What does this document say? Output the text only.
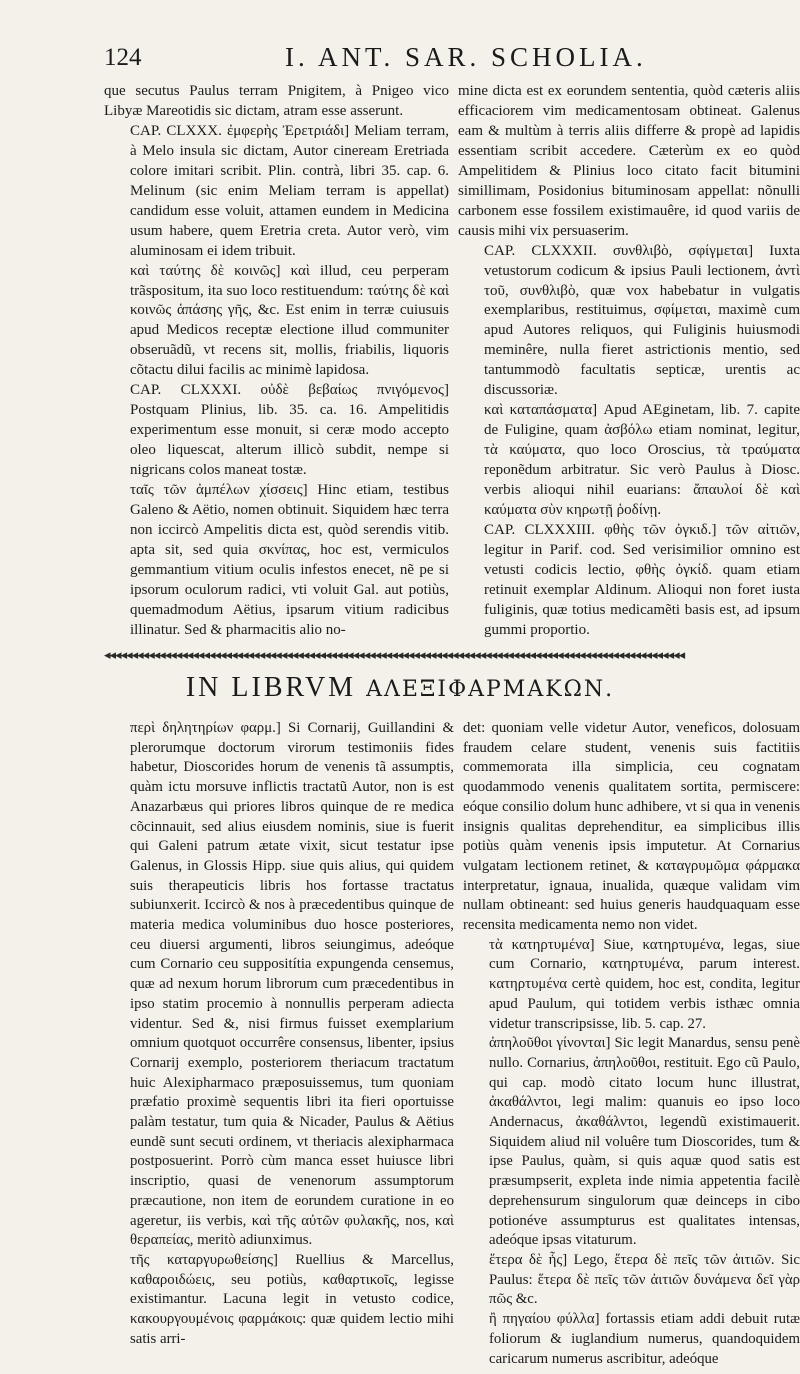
124	I. ANT. SAR. SCHOLIA.

que secutus Paulus terram Pnigitem, à Pnigeo vico Libyæ Mareotidis sic dictam, atram esse asserunt.

CAP. CLXXX. ἐμφερὴς Ἐρετριάδι] Meliam terram, à Melo insula sic dictam, Autor cineream Eretriada colore imitari scribit. Plin. contrà, libri 35. cap. 6. Melinum (sic enim Meliam terram is appellat) candidum esse voluit, attamen eundem in Medicina usum habere, quem Eretria creta. Autor verò, vim aluminosam ei idem tribuit.

καὶ ταύτης δὲ κοινῶς] καὶ illud, ceu perperam trãspositum, ita suo loco restituendum: ταύτης δὲ καὶ κοινῶς ἁπάσης γῆς, &c. Est enim in terræ cuiusuis apud Medicos receptæ electione illud communiter obseruãdũ, vt recens sit, mollis, friabilis, liquoris cõtactu dilui facilis ac minimè lapidosa.

CAP. CLXXXI. οὐδὲ βεβαίως πνιγόμενος] Postquam Plinius, lib. 35. ca. 16. Ampelitidis experimentum esse monuit, si ceræ modo accepto oleo liquescat, alterum illicò subdit, nempe si nigricans colos maneat tostæ.

ταῖς τῶν ἀμπέλων χίσσεις] Hinc etiam, testibus Galeno & Aëtio, nomen obtinuit. Siquidem hæc terra non iccircò Ampelitis dicta est, quòd serendis vitib. apta sit, sed quia σκνίπας, hoc est, vermiculos gemmantium vitium oculis infestos enecet, nẽ pe si ipsorum oculorum radici, vti voluit Gal. aut potiùs, quemadmodum Aëtius, ipsarum vitium radicibus illinatur. Sed & pharmacitis alio no-

mine dicta est ex eorundem sententia, quòd cæteris aliis efficaciorem vim medicamentosam obtineat. Galenus eam & multùm à terris aliis differre & propè ad lapidis essentiam scribit accedere. Cæterùm ex eo quòd Ampelitidem & Plinius loco citato facit bitumini simillimam, Posidonius bituminosam appellat: nõnulli carbonem esse fossilem existimauêre, id quod variis de causis mihi vix persuaserim.

CAP. CLXXXII. συνθλιβὸ, σφίγμεται] Iuxta vetustorum codicum & ipsius Pauli lectionem, ἀντὶ τοῦ, συνθλιβὸ, quæ vox habebatur in vulgatis exemplaribus, restituimus, σφίμεται, maximè cum apud Autores reliquos, qui Fuliginis huiusmodi meminêre, nulla fieret astrictionis mentio, sed tantummodò facultatis septicæ, urentis ac discussoriæ.

καὶ καταπάσματα] Apud AEginetam, lib. 7. capite de Fuligine, quam ἀσβόλω etiam nominat, legitur, τὰ καύματα, quo loco Oroscius, τὰ τραύματα reponẽdum arbitratur. Sic verò Paulus à Diosc. verbis alioqui nihil euarians: ἄπαυλοί δὲ καὶ καύματα σὺν κηρωτῇ ῥοδίνῃ.

CAP. CLXXXIII. φθὴς τῶν ὀγκιδ.] τῶν αἰτιῶν, legitur in Parif. cod. Sed verisimilior omnino est vetusti codicis lectio, φθὴς ὀγκίδ. quam etiam retinuit exemplar Aldinum. Alioqui non foret iusta fuliginis, quæ totius medicamẽti basis est, ad ipsum gummi proportio.

◂◂◂◂◂◂◂◂◂◂◂◂◂◂◂◂◂◂◂◂◂◂◂◂◂◂◂◂◂◂◂◂◂◂◂◂◂◂◂◂◂◂◂◂◂◂◂◂◂◂◂◂◂◂◂◂◂◂◂◂◂◂◂◂◂◂◂◂◂◂◂◂◂◂◂◂◂◂◂◂◂◂◂◂◂◂◂◂◂◂◂◂◂◂◂◂◂◂◂◂◂◂◂◂◂
IN LIBRVM ΑΛΕΞΙΦΑΡΜΑΚΩΝ.

περὶ δηλητηρίων φαρμ.] Si Cornarij, Guillandini & plerorumque doctorum virorum testimoniis fides habetur, Dioscorides horum de venenis tã assumptis, quàm ictu morsuve inflictis tractatũ Autor, non is est Anazarbæus qui priores libros quinque de re medica cõcinnauit, sed alius eiusdem nominis, siue is fuerit qui Galeni patrum ætate vixit, sicut testatur ipse Galenus, in Glossis Hipp. siue quis alius, qui quidem suis therapeuticis libris hos fortasse tractatus subiunxerit. Iccircò & nos à præcedentibus quinque de materia medica voluminibus duo hosce posteriores, ceu diuersi argumenti, libros seiungimus, adeóque cum Cornario ceu suppositítia expungenda censemus, quæ ad nexum horum librorum cum præcedentibus in ipso statim procemio à nonnullis perperam adiecta videntur. Sed &, nisi firmus fuisset exemplarium omnium quotquot occurrêre consensus, libenter, ipsius Cornarij exemplo, posteriorem theriacum tractatum huic Alexipharmaco præposuissemus, tum quoniam præfatio proximè sequentis libri ita fieri oportuisse palàm testatur, tum quia & Nicader, Paulus & Aëtius eundẽ sunt secuti ordinem, vt theriacis alexipharmaca postposuerint. Porrò cùm manca esset huiusce libri inscriptio, quasi de venenorum assumptorum præcautione, non item de eorundem curatione in eo ageretur, iis verbis, καὶ τῆς αὐτῶν φυλακῆς, nos, καὶ θεραπείας, meritò adiunximus.

τῆς καταργυρωθείσης] Ruellius & Marcellus, καθαροιδώεις, seu potiùs, καθαρτικοῖς, legisse existimantur. Lacuna legit in vetusto codice, κακουργουμένοις φαρμάκοις: quæ quidem lectio mihi satis arri-

det: quoniam velle videtur Autor, veneficos, dolosuam fraudem celare student, venenis suis factitiis commemorata illa simplicia, ceu cognatam quodammodo venenis qualitatem sortita, permiscere: eóque consilio dolum hunc adhibere, vt si qua in venenis insignis qualitas deprehenditur, ea simplicibus illis potiùs quàm venenis ipsis imputetur. At Cornarius vulgatam lectionem retinet, & καταγρυμῶμα φάρμακα interpretatur, ignaua, inualida, quæque validam vim nullam obtineant: sed huius generis haudquaquam esse recensita medicamenta nemo non videt.

τὰ κατηρτυμένα] Siue, κατηρτυμένα, legas, siue cum Cornario, κατηρτυμένα, parum interest. κατηρτυμένα certè quidem, hoc est, condita, legitur apud Paulum, qui totidem verbis isthæc omnia videtur transcripsisse, lib. 5. cap. 27.

ἀπηλοῦθοι γίνονται] Sic legit Manardus, sensu penè nullo. Cornarius, ἀπηλοῦθοι, restituit. Ego cũ Paulo, qui cap. modò citato locum hunc illustrat, ἀκαθάλντοι, legi malim: quanuis eo ipso loco Andernacus, ἀκαθάλντοι, legendũ existimauerit. Siquidem aliud nil voluêre tum Dioscorides, tum & ipse Paulus, quàm, si quis aquæ quod satis est præsumpserit, expleta inde nimia appetentia facilè deprehensurum singulorum quæ deinceps in cibo potionéve assumpturus est qualitates intensas, adeóque ipsas vitaturum.

ἕτερα δὲ ἧς] Lego, ἕτερα δὲ πεῖς τῶν ἀιτιῶν. Sic Paulus: ἕτερα δὲ πεῖς τῶν ἀιτιῶν δυνάμενα δεῖ γὰρ πῶς &c.

ἢ πηγαίου φύλλα] fortassis etiam addi debuit rutæ foliorum & iuglandium numerus, quandoquidem caricarum numerus ascribitur, adeóque
